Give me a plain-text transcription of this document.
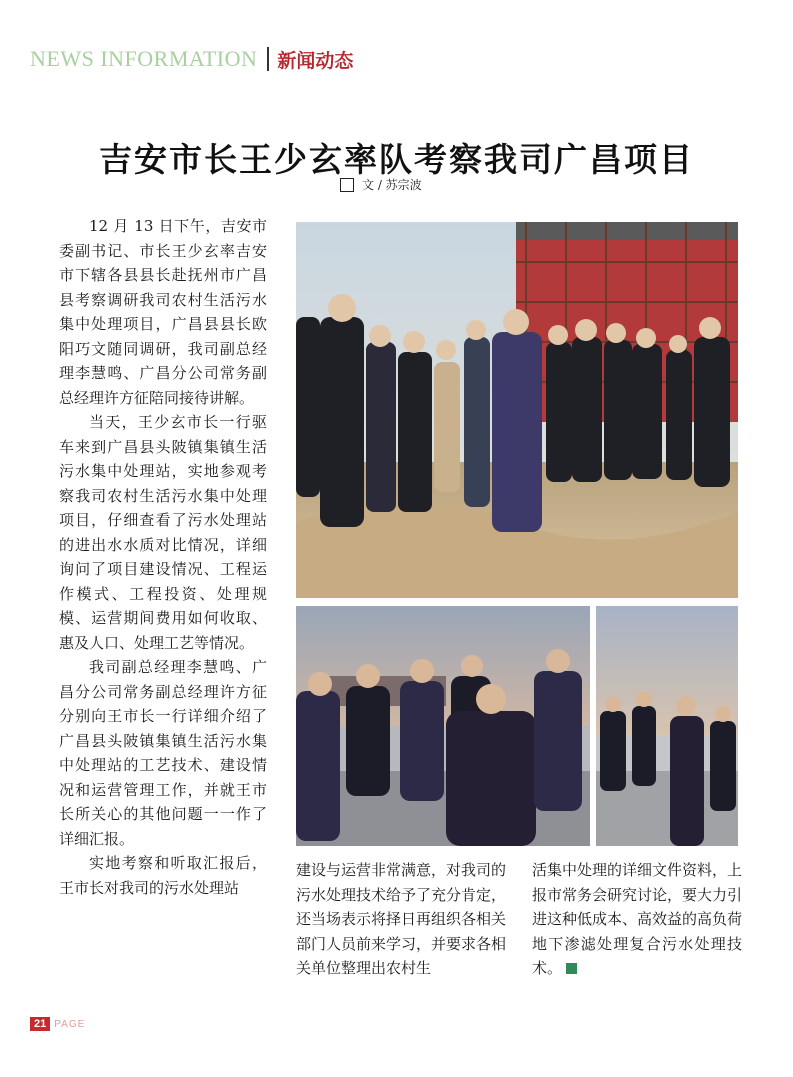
NEWS INFORMATION 新闻动态
吉安市长王少玄率队考察我司广昌项目
文 / 苏宗波

12 月 13 日下午，吉安市委副书记、市长王少玄率吉安市下辖各县县长赴抚州市广昌县考察调研我司农村生活污水集中处理项目，广昌县县长欧阳巧文随同调研，我司副总经理李慧鸣、广昌分公司常务副总经理许方征陪同接待讲解。

当天，王少玄市长一行驱车来到广昌县头陂镇集镇生活污水集中处理站，实地参观考察我司农村生活污水集中处理项目，仔细查看了污水处理站的进出水水质对比情况，详细询问了项目建设情况、工程运作模式、工程投资、处理规模、运营期间费用如何收取、惠及人口、处理工艺等情况。

我司副总经理李慧鸣、广昌分公司常务副总经理许方征分别向王市长一行详细介绍了广昌县头陂镇集镇生活污水集中处理站的工艺技术、建设情况和运营管理工作，并就王市长所关心的其他问题一一作了详细汇报。

实地考察和听取汇报后，王市长对我司的污水处理站

建设与运营非常满意，对我司的污水处理技术给予了充分肯定，还当场表示将择日再组织各相关部门人员前来学习，并要求各相关单位整理出农村生

活集中处理的详细文件资料，上报市常务会研究讨论，要大力引进这种低成本、高效益的高负荷地下渗滤处理复合污水处理技术。

21 PAGE
